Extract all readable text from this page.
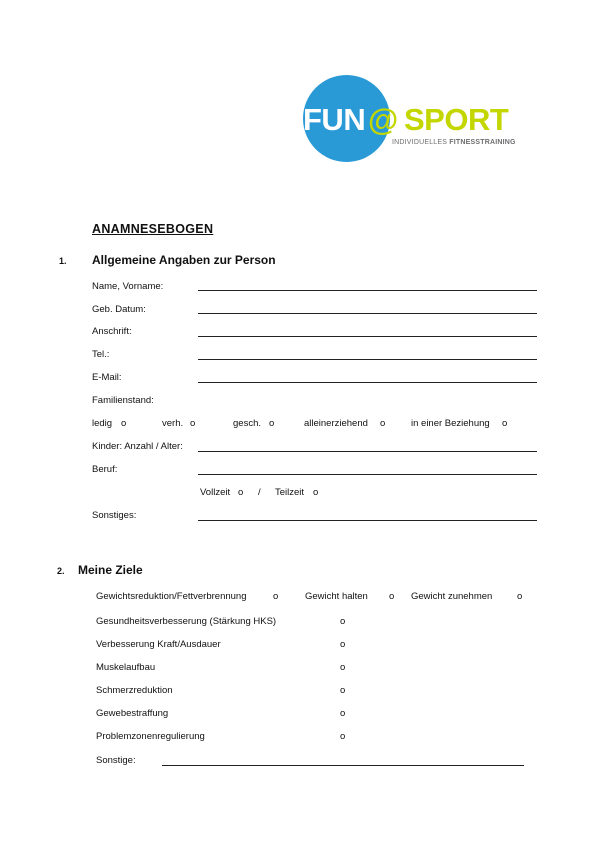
FUN @ SPORT
INDIVIDUELLES FITNESSTRAINING
ANAMNESEBOGEN
1. Allgemeine Angaben zur Person
Name, Vorname:
Geb. Datum:
Anschrift:
Tel.:
E-Mail:
Familienstand:
ledig o	verh. o	gesch. o	alleinerziehend o	in einer Beziehung o
Kinder: Anzahl / Alter:
Beruf:
Vollzeit o / Teilzeit o
Sonstiges:
2. Meine Ziele
Gewichtsreduktion/Fettverbrennung	o	Gewicht halten o Gewicht zunehmen	o
Gesundheitsverbesserung (Stärkung HKS)	o
Verbesserung Kraft/Ausdauer	o
Muskelaufbau	o
Schmerzreduktion	o
Gewebestraffung	o
Problemzonenregulierung	o
Sonstige:
